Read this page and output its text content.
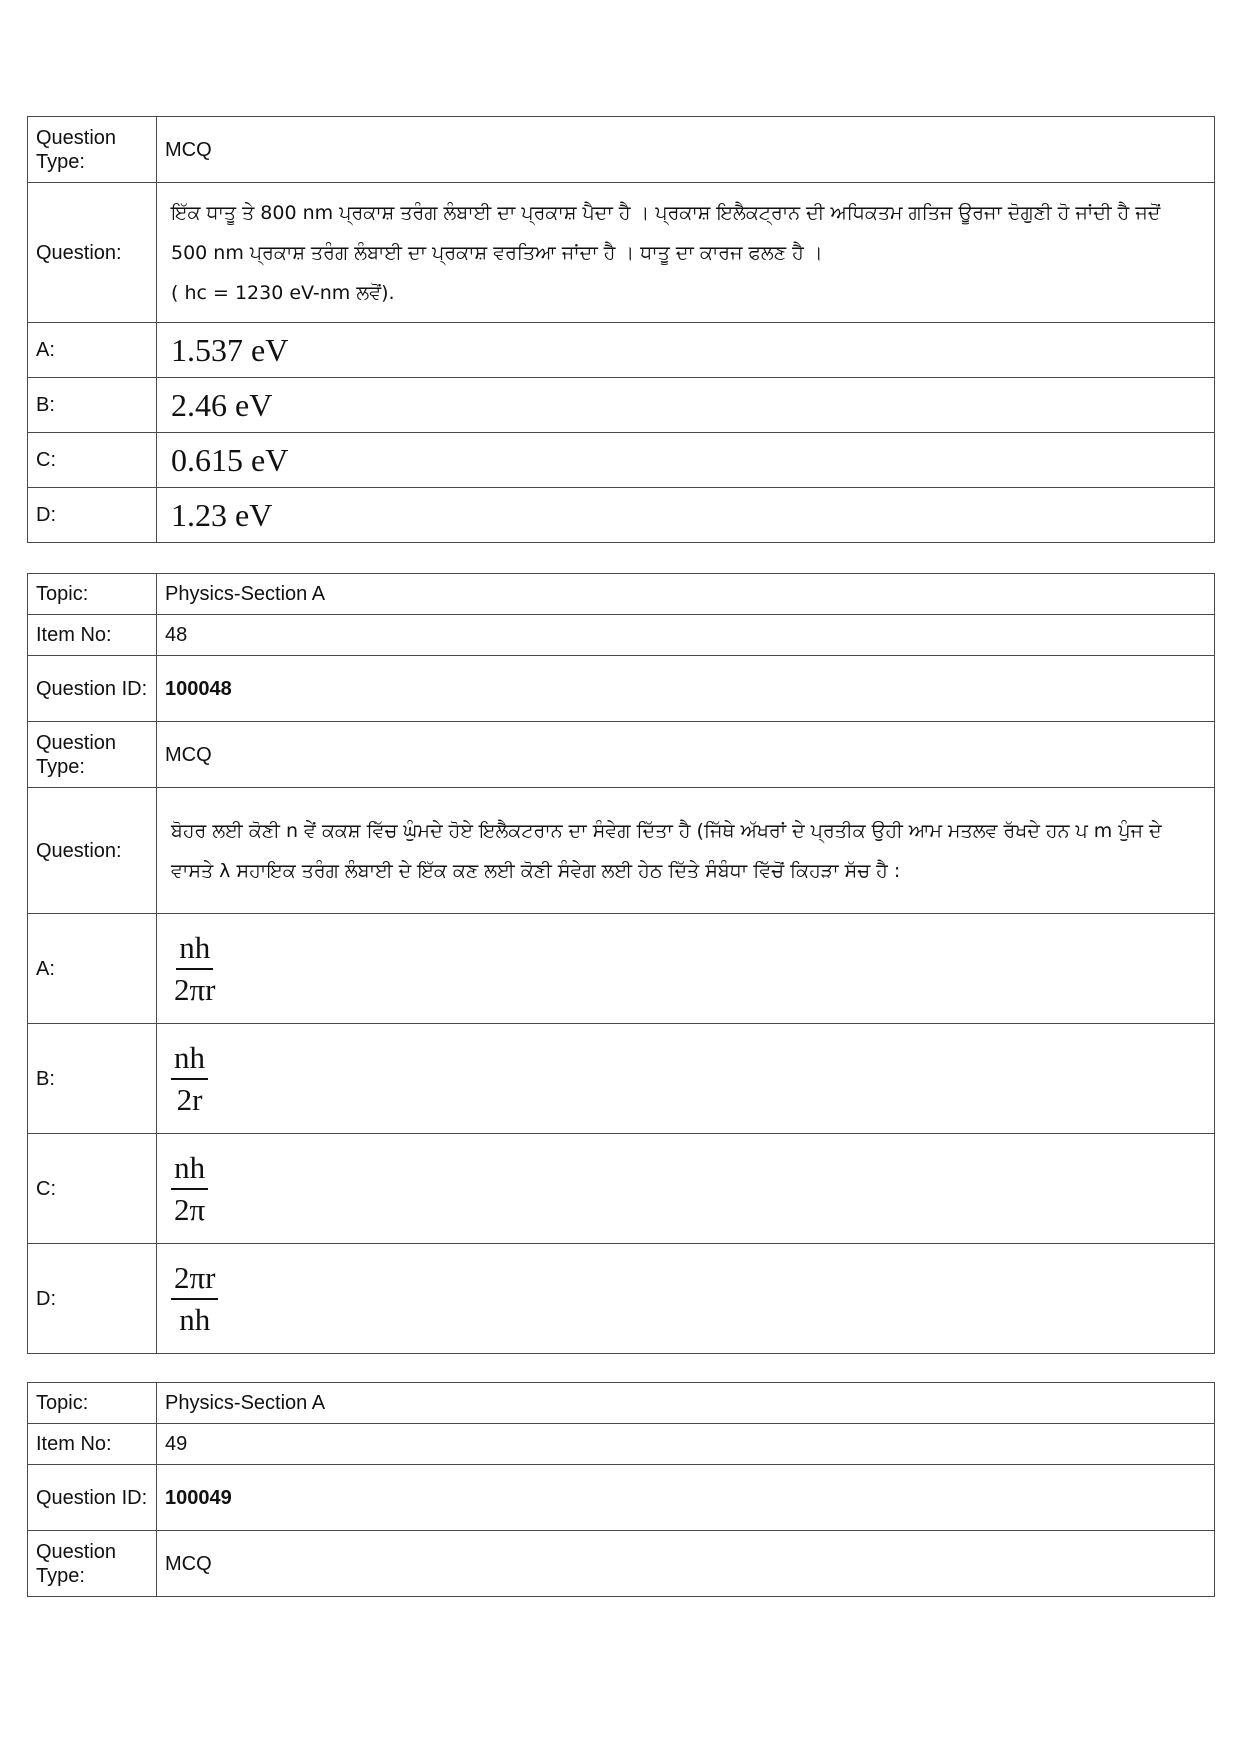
Question Type:	MCQ
Question:	ਇੱਕ ਧਾਤੂ ਤੇ 800 nm ਪ੍ਰਕਾਸ਼ ਤਰੰਗ ਲੰਬਾਈ ਦਾ ਪ੍ਰਕਾਸ਼ ਪੈਦਾ ਹੈ । ਪ੍ਰਕਾਸ਼ ਇਲੈਕਟ੍ਰਾਨ ਦੀ ਅਧਿਕਤਮ ਗਤਿਜ ਊਰਜਾ ਦੋਗੁਣੀ ਹੋ ਜਾਂਦੀ ਹੈ ਜਦੋਂ 500 nm ਪ੍ਰਕਾਸ਼ ਤਰੰਗ ਲੰਬਾਈ ਦਾ ਪ੍ਰਕਾਸ਼ ਵਰਤਿਆ ਜਾਂਦਾ ਹੈ । ਧਾਤੂ ਦਾ ਕਾਰਜ ਫਲਣ ਹੈ ।
( hc = 1230 eV-nm ਲਵੋਂ).

A:	1.537 eV
B:	2.46 eV
C:	0.615 eV
D:	1.23 eV
Topic:	Physics-Section A
Item No:	48
Question ID:	100048
Question Type:	MCQ
Question:	ਬੋਹਰ ਲਈ ਕੋਣੀ n ਵੇਂ ਕਕਸ਼ ਵਿੱਚ ਘੁੰਮਦੇ ਹੋਏ ਇਲੈਕਟਰਾਨ ਦਾ ਸੰਵੇਗ ਦਿੱਤਾ ਹੈ (ਜਿੱਥੇ ਅੱਖਰਾਂ ਦੇ ਪ੍ਰਤੀਕ ਉਹੀ ਆਮ ਮਤਲਵ ਰੱਖਦੇ ਹਨ ਪ m ਪੁੰਜ ਦੇ ਵਾਸਤੇ λ ਸਹਾਇਕ ਤਰੰਗ ਲੰਬਾਈ ਦੇ ਇੱਕ ਕਣ ਲਈ ਕੋਣੀ ਸੰਵੇਗ ਲਈ ਹੇਠ ਦਿੱਤੇ ਸੰਬੰਧਾ ਵਿੱਚੋਂ ਕਿਹੜਾ ਸੱਚ ਹੈ :
A:	$\frac{nh}{2\pi r}$

B:	$\frac{nh}{2r}$

C:	$\frac{nh}{2\pi}$

D:	$\frac{2\pi r}{nh}$
Topic:	Physics-Section A
Item No:	49
Question ID:	100049
Question Type:	MCQ
